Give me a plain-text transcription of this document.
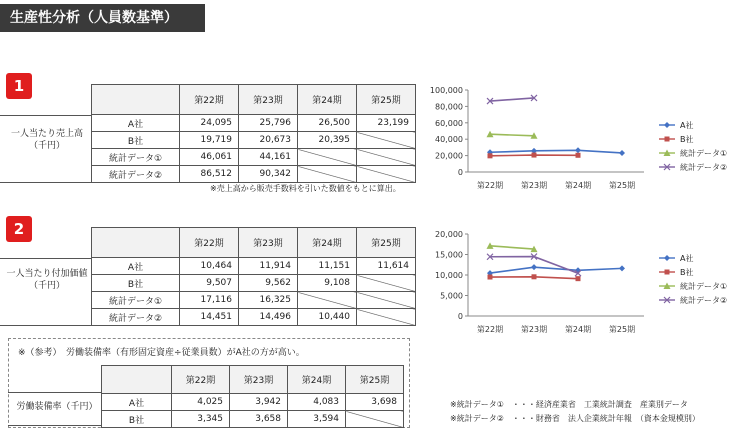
生産性分析（人員数基準）
1
一人当たり売上高
（千円）
	第22期	第23期	第24期	第25期
A社	24,095	25,796	26,500	23,199
B社	19,719	20,673	20,395	
統計データ①	46,061	44,161		
統計データ②	86,512	90,342		
※売上高から販売手数料を引いた数値をもとに算出。
2
一人当たり付加価値
（千円）
	第22期	第23期	第24期	第25期
A社	10,464	11,914	11,151	11,614
B社	9,507	9,562	9,108	
統計データ①	17,116	16,325		
統計データ②	14,451	14,496	10,440	
※（参考）　労働装備率（有形固定資産÷従業員数）がA社の方が高い。
労働装備率（千円）
	第22期	第23期	第24期	第25期
A社	4,025	3,942	4,083	3,698
B社	3,345	3,658	3,594	
※統計データ①　・・・経済産業省　工業統計調査　産業別データ
※統計データ②　・・・財務省　法人企業統計年報　（資本金規模別）
0
20,000
40,000
60,000
80,000
100,000
第22期 第23期 第24期 第25期
0
5,000
10,000
15,000
20,000
第22期 第23期 第24期 第25期
A社
B社
統計データ①
統計データ②
A社
B社
統計データ①
統計データ②
